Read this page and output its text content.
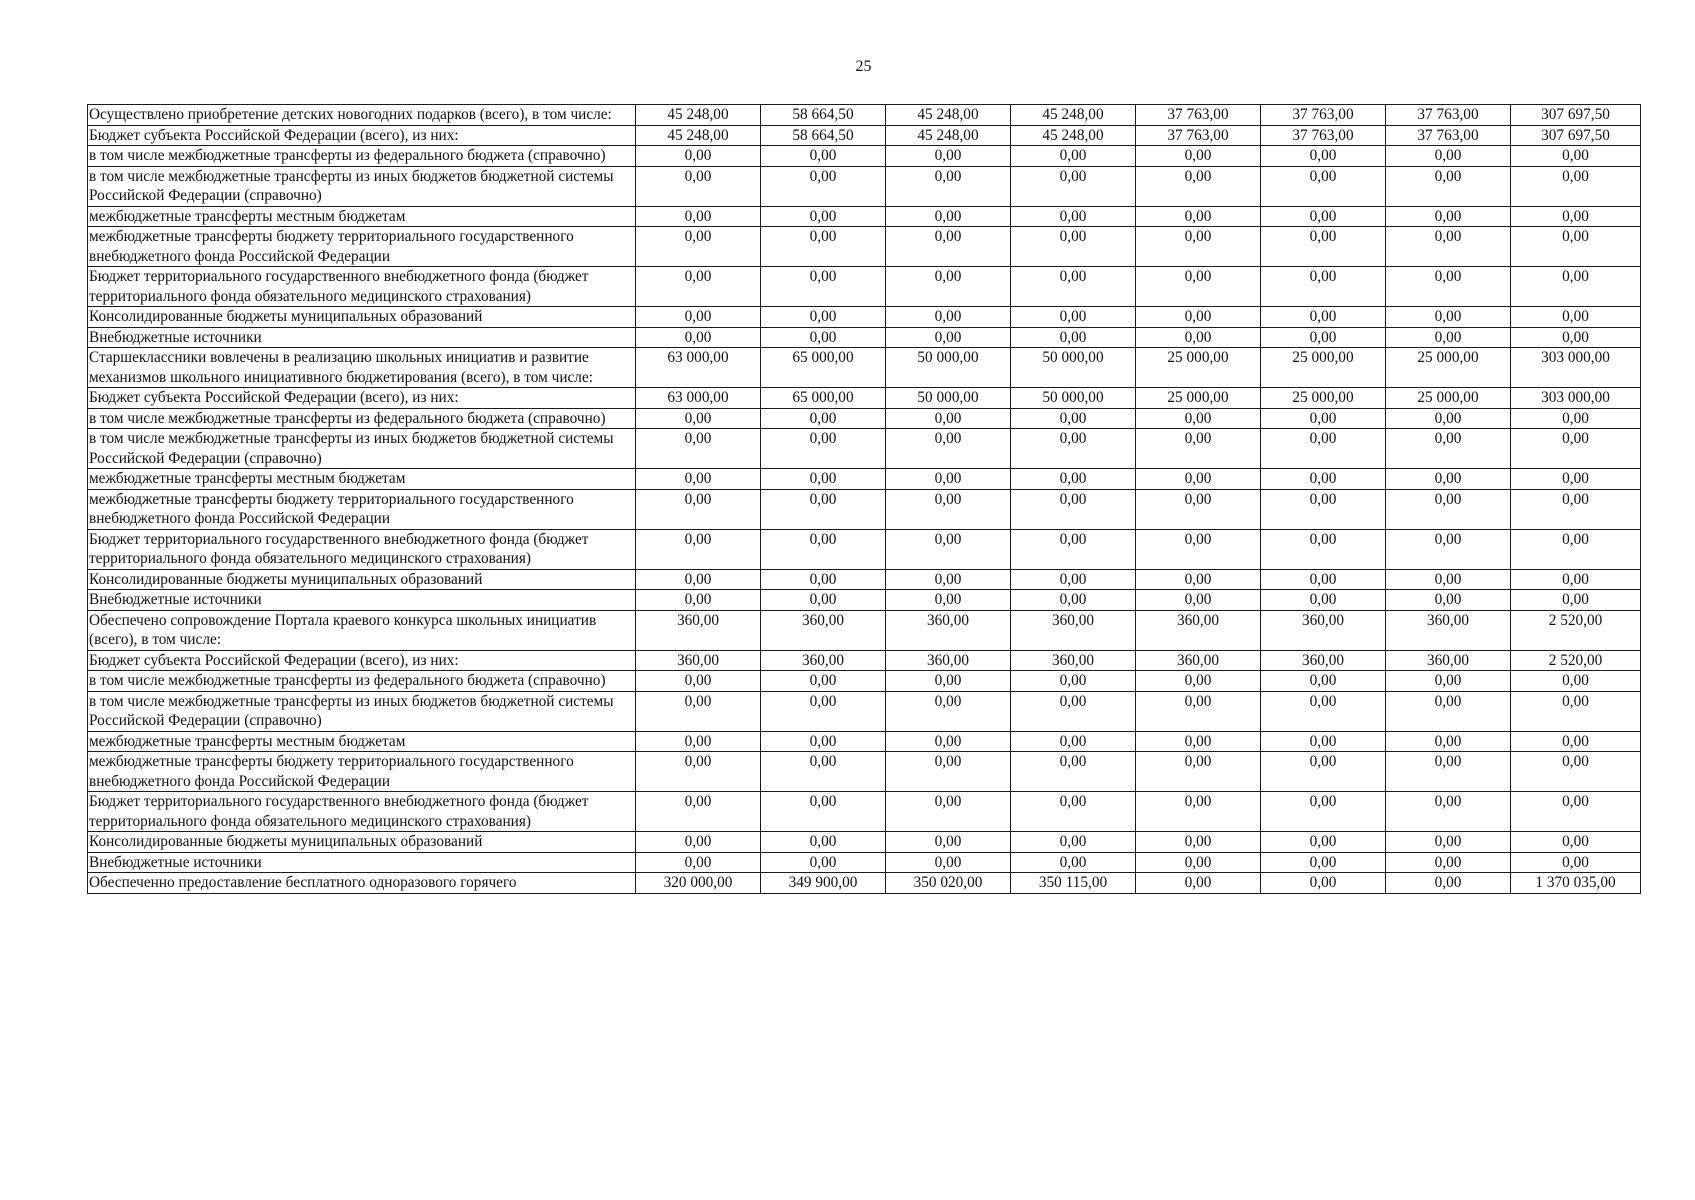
25
Осуществлено приобретение детских новогодних подарков (всего), в том числе:	45 248,00	58 664,50	45 248,00	45 248,00	37 763,00	37 763,00	37 763,00	307 697,50
Бюджет субъекта Российской Федерации (всего), из них:	45 248,00	58 664,50	45 248,00	45 248,00	37 763,00	37 763,00	37 763,00	307 697,50
в том числе межбюджетные трансферты из федерального бюджета (справочно)	0,00	0,00	0,00	0,00	0,00	0,00	0,00	0,00
в том числе межбюджетные трансферты из иных бюджетов бюджетной системы Российской Федерации (справочно)	0,00	0,00	0,00	0,00	0,00	0,00	0,00	0,00
межбюджетные трансферты местным бюджетам	0,00	0,00	0,00	0,00	0,00	0,00	0,00	0,00
межбюджетные трансферты бюджету территориального государственного внебюджетного фонда Российской Федерации	0,00	0,00	0,00	0,00	0,00	0,00	0,00	0,00
Бюджет территориального государственного внебюджетного фонда (бюджет территориального фонда обязательного медицинского страхования)	0,00	0,00	0,00	0,00	0,00	0,00	0,00	0,00
Консолидированные бюджеты муниципальных образований	0,00	0,00	0,00	0,00	0,00	0,00	0,00	0,00
Внебюджетные источники	0,00	0,00	0,00	0,00	0,00	0,00	0,00	0,00
Старшеклассники вовлечены в реализацию школьных инициатив и развитие механизмов школьного инициативного бюджетирования (всего), в том числе:	63 000,00	65 000,00	50 000,00	50 000,00	25 000,00	25 000,00	25 000,00	303 000,00
Бюджет субъекта Российской Федерации (всего), из них:	63 000,00	65 000,00	50 000,00	50 000,00	25 000,00	25 000,00	25 000,00	303 000,00
в том числе межбюджетные трансферты из федерального бюджета (справочно)	0,00	0,00	0,00	0,00	0,00	0,00	0,00	0,00
в том числе межбюджетные трансферты из иных бюджетов бюджетной системы Российской Федерации (справочно)	0,00	0,00	0,00	0,00	0,00	0,00	0,00	0,00
межбюджетные трансферты местным бюджетам	0,00	0,00	0,00	0,00	0,00	0,00	0,00	0,00
межбюджетные трансферты бюджету территориального государственного внебюджетного фонда Российской Федерации	0,00	0,00	0,00	0,00	0,00	0,00	0,00	0,00
Бюджет территориального государственного внебюджетного фонда (бюджет территориального фонда обязательного медицинского страхования)	0,00	0,00	0,00	0,00	0,00	0,00	0,00	0,00
Консолидированные бюджеты муниципальных образований	0,00	0,00	0,00	0,00	0,00	0,00	0,00	0,00
Внебюджетные источники	0,00	0,00	0,00	0,00	0,00	0,00	0,00	0,00
Обеспечено сопровождение Портала краевого конкурса школьных инициатив (всего), в том числе:	360,00	360,00	360,00	360,00	360,00	360,00	360,00	2 520,00
Бюджет субъекта Российской Федерации (всего), из них:	360,00	360,00	360,00	360,00	360,00	360,00	360,00	2 520,00
в том числе межбюджетные трансферты из федерального бюджета (справочно)	0,00	0,00	0,00	0,00	0,00	0,00	0,00	0,00
в том числе межбюджетные трансферты из иных бюджетов бюджетной системы Российской Федерации (справочно)	0,00	0,00	0,00	0,00	0,00	0,00	0,00	0,00
межбюджетные трансферты местным бюджетам	0,00	0,00	0,00	0,00	0,00	0,00	0,00	0,00
межбюджетные трансферты бюджету территориального государственного внебюджетного фонда Российской Федерации	0,00	0,00	0,00	0,00	0,00	0,00	0,00	0,00
Бюджет территориального государственного внебюджетного фонда (бюджет территориального фонда обязательного медицинского страхования)	0,00	0,00	0,00	0,00	0,00	0,00	0,00	0,00
Консолидированные бюджеты муниципальных образований	0,00	0,00	0,00	0,00	0,00	0,00	0,00	0,00
Внебюджетные источники	0,00	0,00	0,00	0,00	0,00	0,00	0,00	0,00
Обеспеченно предоставление бесплатного одноразового горячего	320 000,00	349 900,00	350 020,00	350 115,00	0,00	0,00	0,00	1 370 035,00
